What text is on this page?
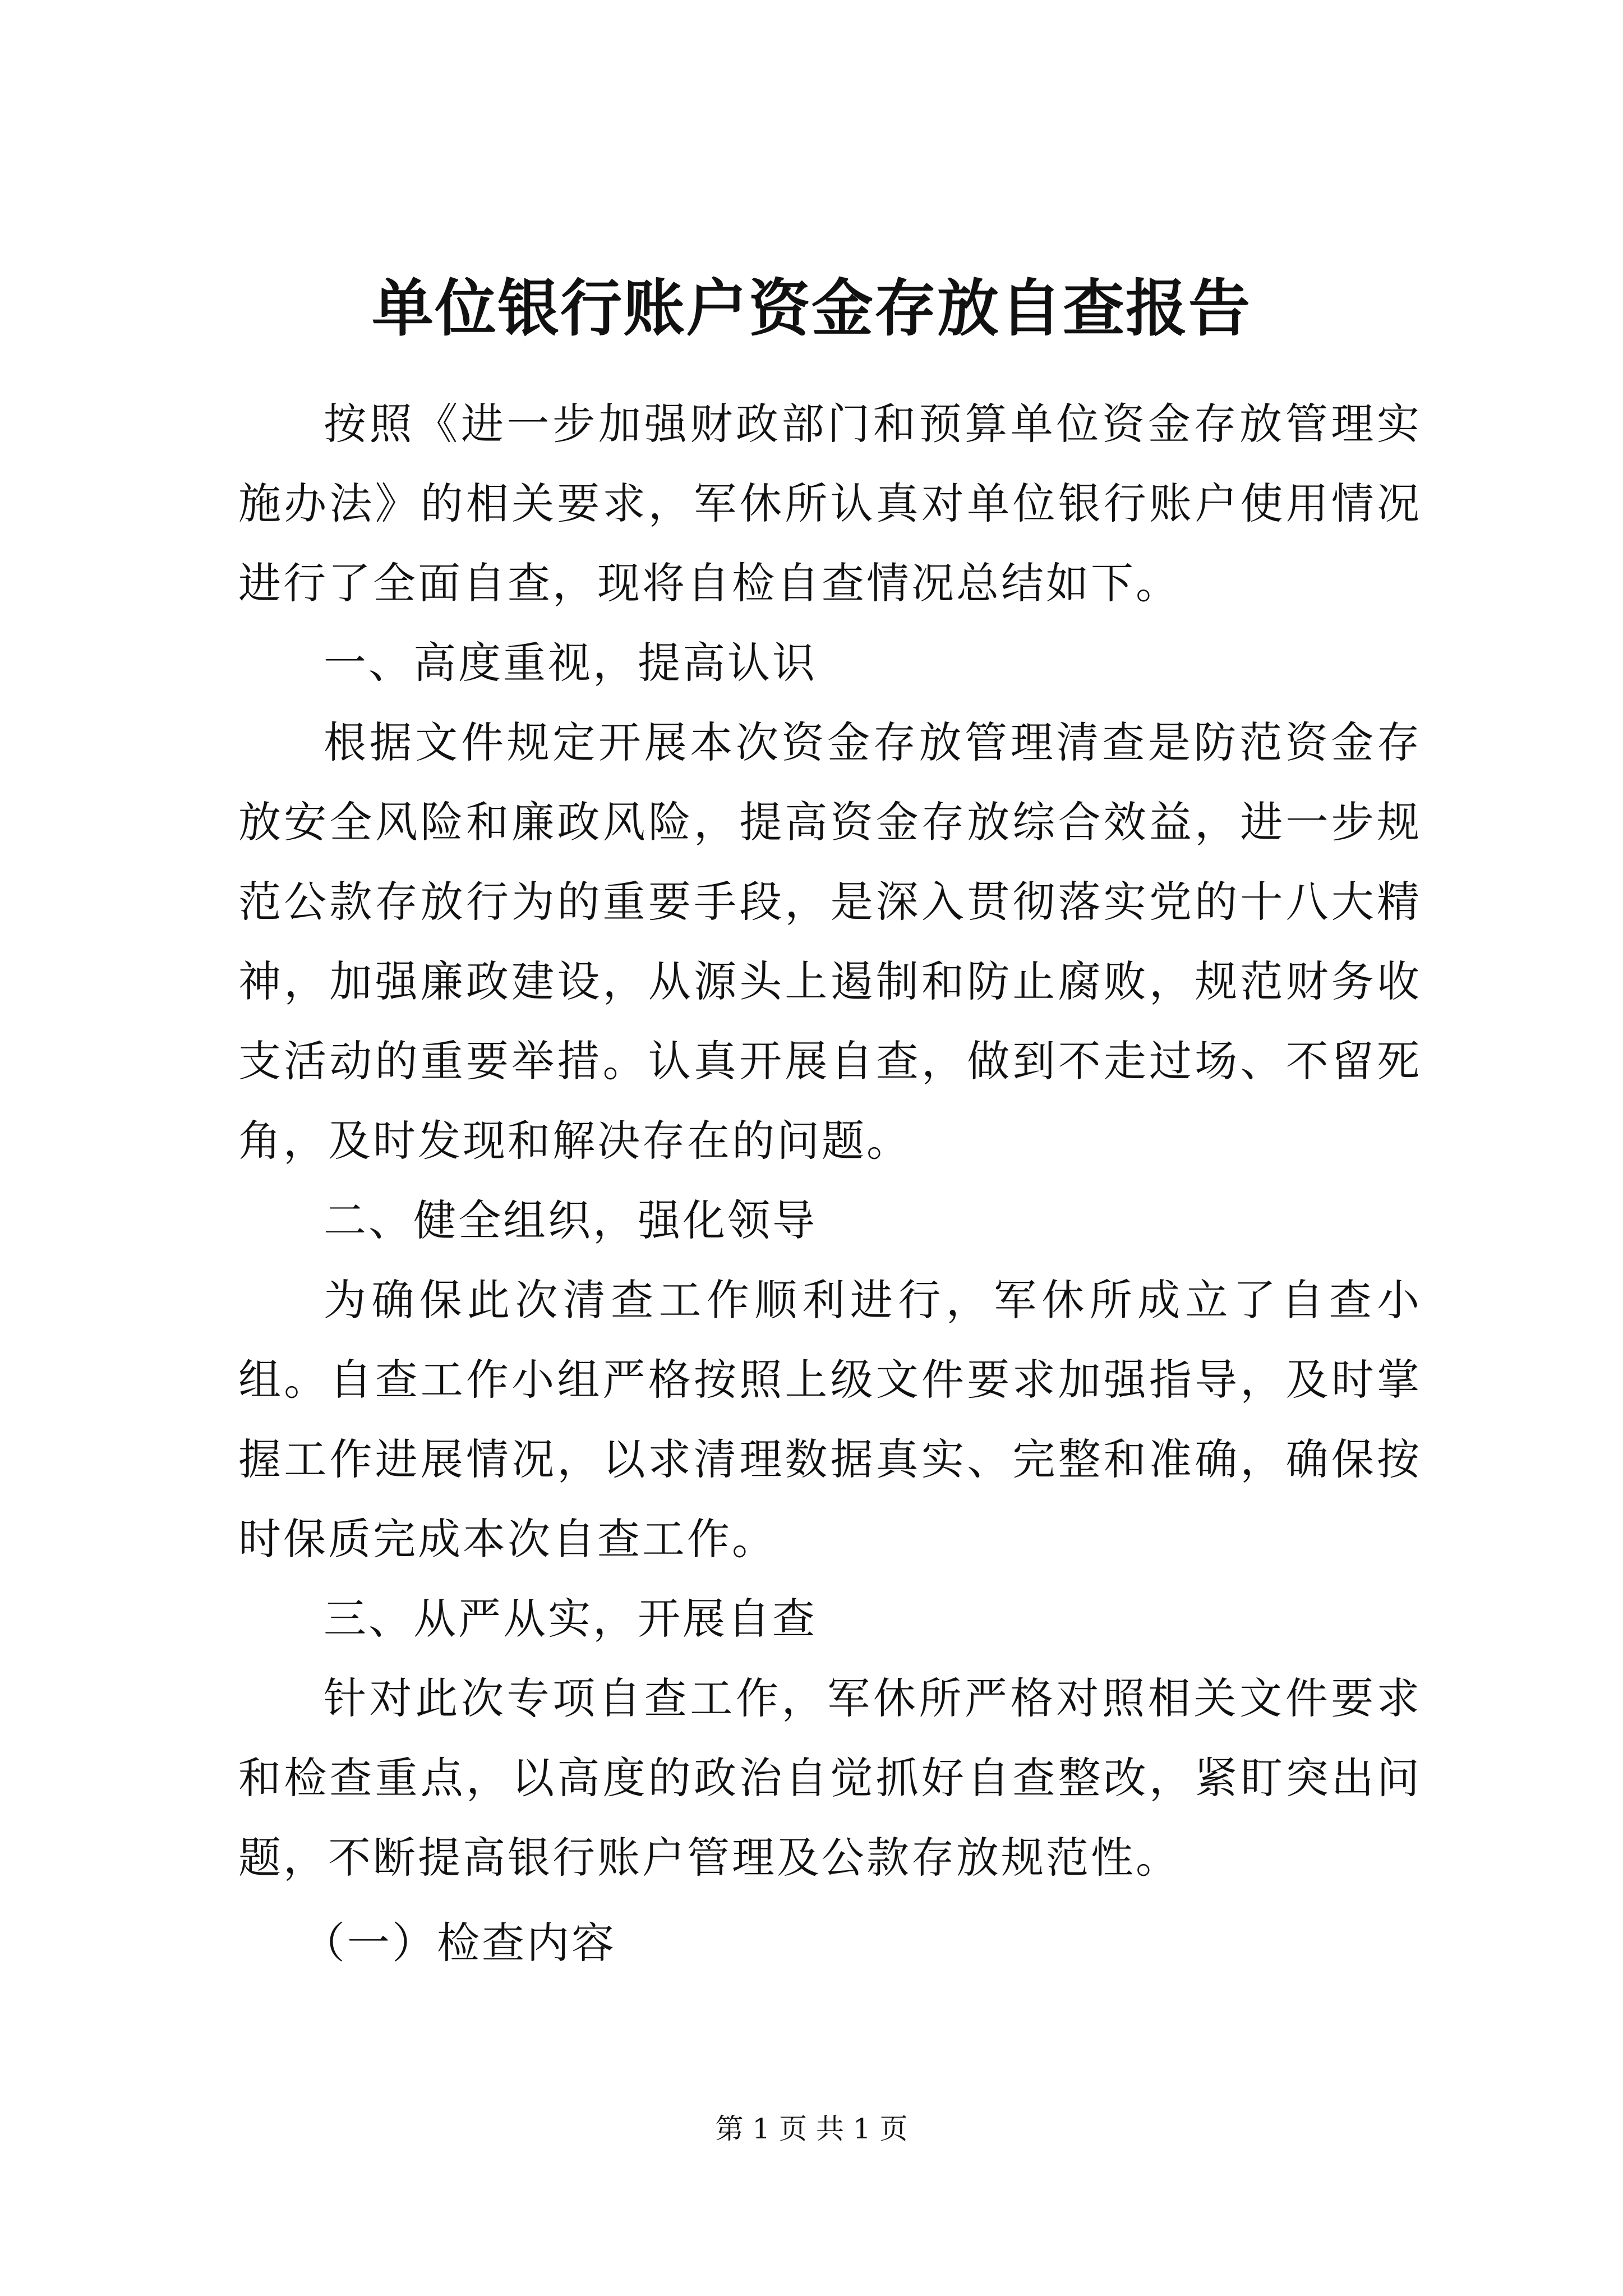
单位银行账户资金存放自查报告

按照《进一步加强财政部门和预算单位资金存放管理实施办法》的相关要求，军休所认真对单位银行账户使用情况进行了全面自查，现将自检自查情况总结如下。

一、高度重视，提高认识

根据文件规定开展本次资金存放管理清查是防范资金存放安全风险和廉政风险，提高资金存放综合效益，进一步规范公款存放行为的重要手段，是深入贯彻落实党的十八大精神，加强廉政建设，从源头上遏制和防止腐败，规范财务收支活动的重要举措。认真开展自查，做到不走过场、不留死角，及时发现和解决存在的问题。

二、健全组织，强化领导

为确保此次清查工作顺利进行，军休所成立了自查小组。自查工作小组严格按照上级文件要求加强指导，及时掌握工作进展情况，以求清理数据真实、完整和准确，确保按时保质完成本次自查工作。

三、从严从实，开展自查

针对此次专项自查工作，军休所严格对照相关文件要求和检查重点，以高度的政治自觉抓好自查整改，紧盯突出问题，不断提高银行账户管理及公款存放规范性。

（一）检查内容

第 1 页 共 1 页
